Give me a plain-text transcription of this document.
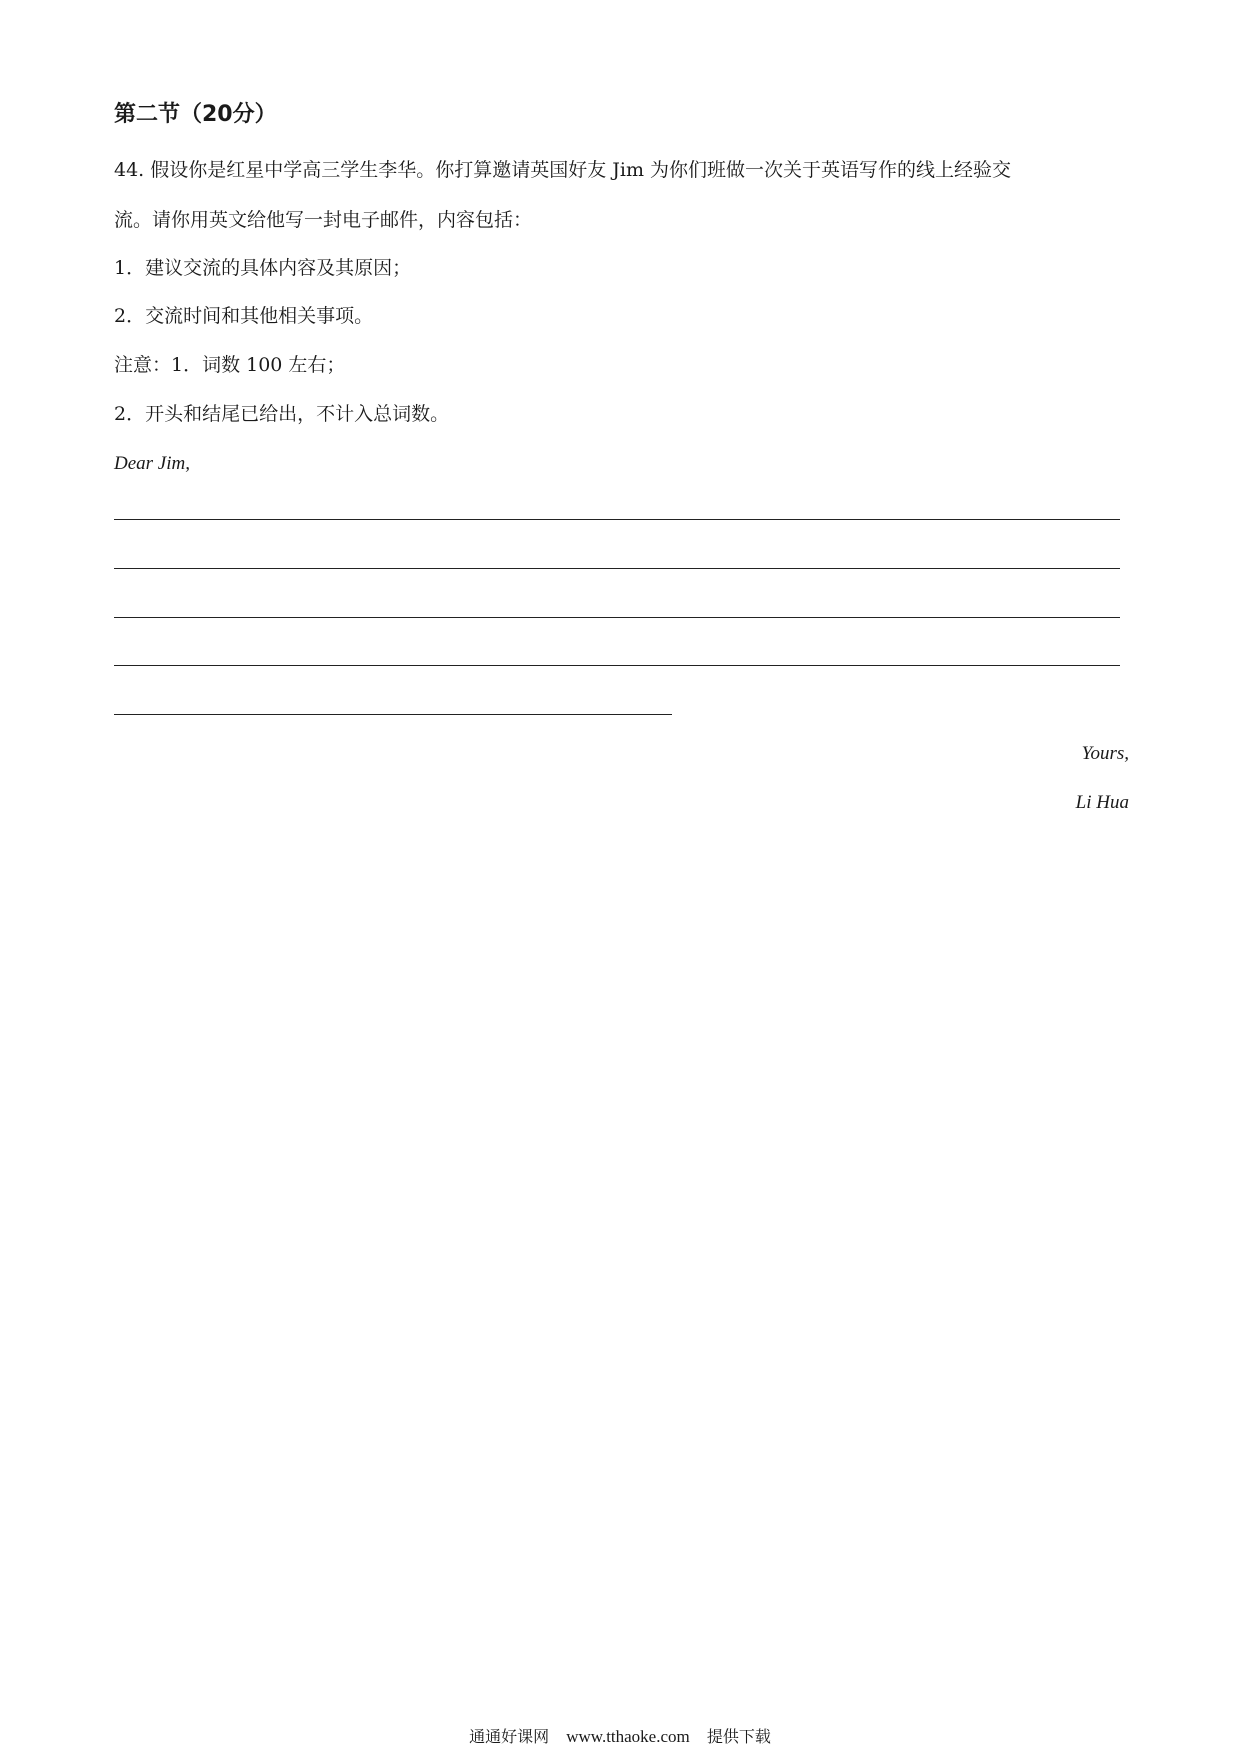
第二节（20分）
44. 假设你是红星中学高三学生李华。你打算邀请英国好友 Jim 为你们班做一次关于英语写作的线上经验交
流。请你用英文给他写一封电子邮件，内容包括：
1．建议交流的具体内容及其原因；
2．交流时间和其他相关事项。
注意：1．词数 100 左右；
2．开头和结尾已给出，不计入总词数。
Dear Jim,
Yours,
Li Hua
通通好课网 www.tthaoke.com 提供下载
